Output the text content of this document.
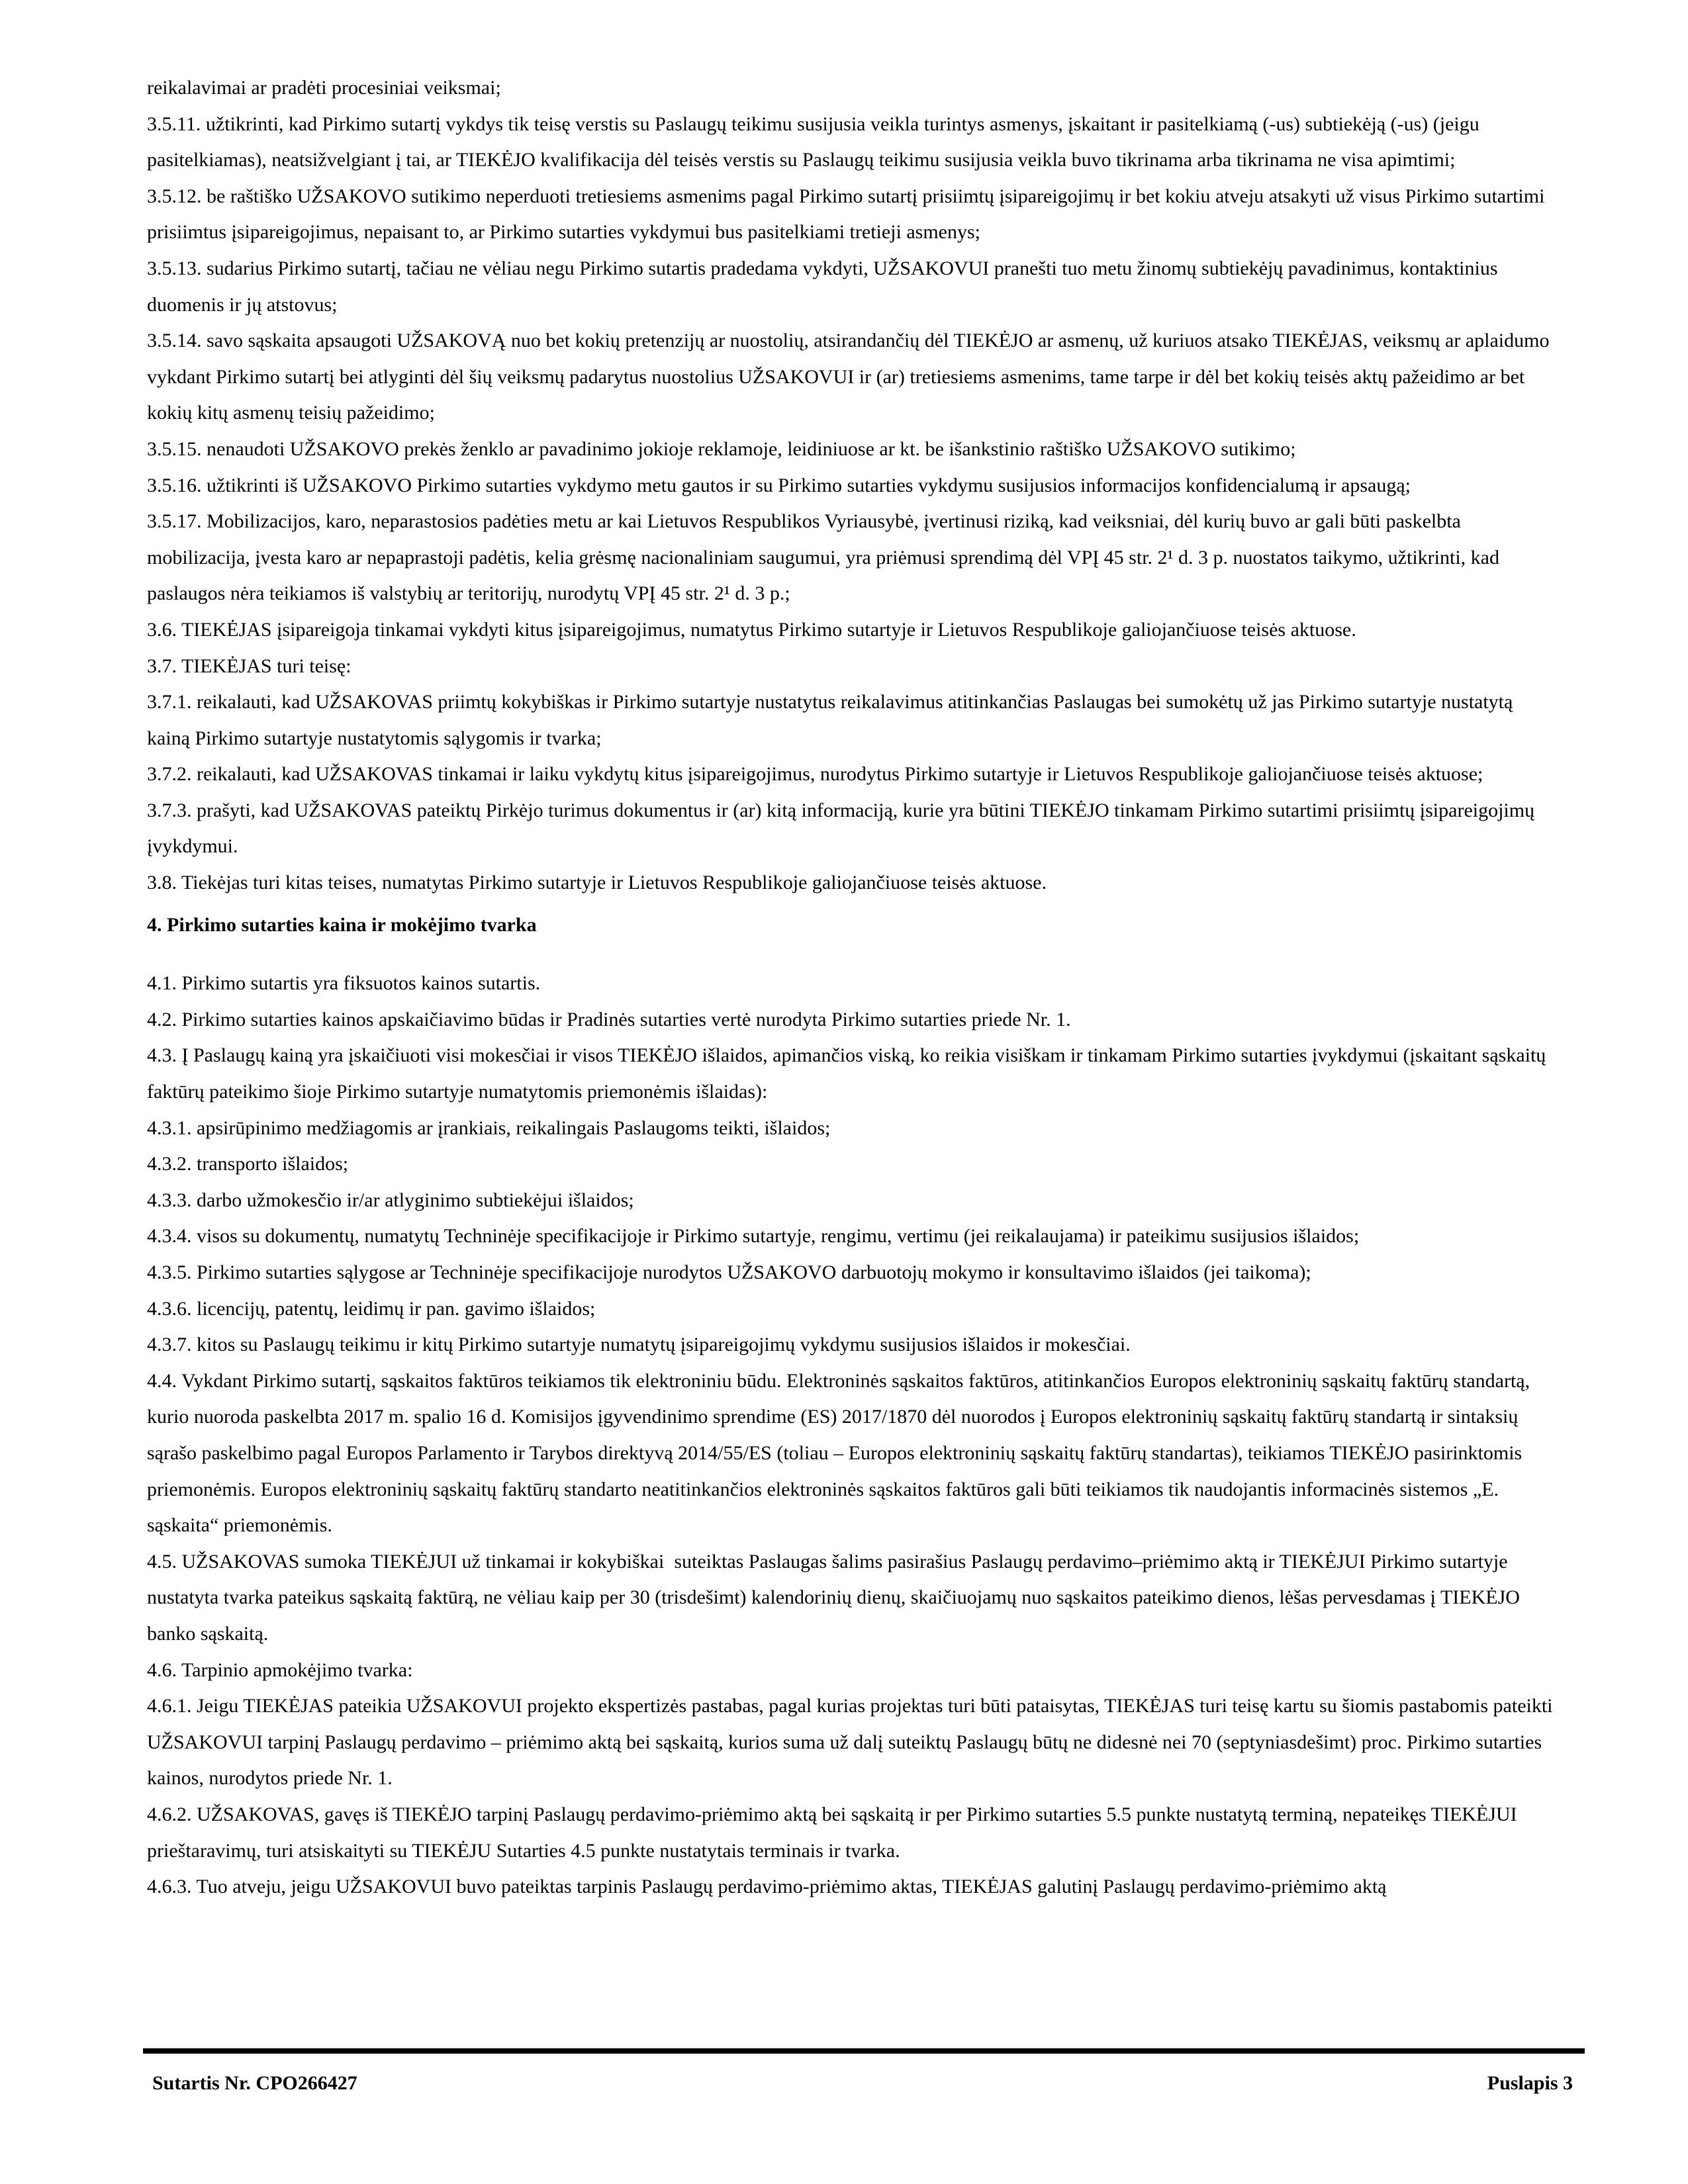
reikalavimai ar pradėti procesiniai veiksmai;

3.5.11. užtikrinti, kad Pirkimo sutartį vykdys tik teisę verstis su Paslaugų teikimu susijusia veikla turintys asmenys, įskaitant ir pasitelkiamą (-us) subtiekėją (-us) (jeigu pasitelkiamas), neatsižvelgiant į tai, ar TIEKĖJO kvalifikacija dėl teisės verstis su Paslaugų teikimu susijusia veikla buvo tikrinama arba tikrinama ne visa apimtimi;

3.5.12. be raštiško UŽSAKOVO sutikimo neperduoti tretiesiems asmenims pagal Pirkimo sutartį prisiimtų įsipareigojimų ir bet kokiu atveju atsakyti už visus Pirkimo sutartimi prisiimtus įsipareigojimus, nepaisant to, ar Pirkimo sutarties vykdymui bus pasitelkiami tretieji asmenys;

3.5.13. sudarius Pirkimo sutartį, tačiau ne vėliau negu Pirkimo sutartis pradedama vykdyti, UŽSAKOVUI pranešti tuo metu žinomų subtiekėjų pavadinimus, kontaktinius duomenis ir jų atstovus;

3.5.14. savo sąskaita apsaugoti UŽSAKOVĄ nuo bet kokių pretenzijų ar nuostolių, atsirandančių dėl TIEKĖJO ar asmenų, už kuriuos atsako TIEKĖJAS, veiksmų ar aplaidumo vykdant Pirkimo sutartį bei atlyginti dėl šių veiksmų padarytus nuostolius UŽSAKOVUI ir (ar) tretiesiems asmenims, tame tarpe ir dėl bet kokių teisės aktų pažeidimo ar bet kokių kitų asmenų teisių pažeidimo;

3.5.15. nenaudoti UŽSAKOVO prekės ženklo ar pavadinimo jokioje reklamoje, leidiniuose ar kt. be išankstinio raštiško UŽSAKOVO sutikimo;

3.5.16. užtikrinti iš UŽSAKOVO Pirkimo sutarties vykdymo metu gautos ir su Pirkimo sutarties vykdymu susijusios informacijos konfidencialumą ir apsaugą;

3.5.17. Mobilizacijos, karo, neparastosios padėties metu ar kai Lietuvos Respublikos Vyriausybė, įvertinusi riziką, kad veiksniai, dėl kurių buvo ar gali būti paskelbta mobilizacija, įvesta karo ar nepaprastoji padėtis, kelia grėsmę nacionaliniam saugumui, yra priėmusi sprendimą dėl VPĮ 45 str. 2¹ d. 3 p. nuostatos taikymo, užtikrinti, kad paslaugos nėra teikiamos iš valstybių ar teritorijų, nurodytų VPĮ 45 str. 2¹ d. 3 p.;

3.6. TIEKĖJAS įsipareigoja tinkamai vykdyti kitus įsipareigojimus, numatytus Pirkimo sutartyje ir Lietuvos Respublikoje galiojančiuose teisės aktuose.

3.7. TIEKĖJAS turi teisę:

3.7.1. reikalauti, kad UŽSAKOVAS priimtų kokybiškas ir Pirkimo sutartyje nustatytus reikalavimus atitinkančias Paslaugas bei sumokėtų už jas Pirkimo sutartyje nustatytą kainą Pirkimo sutartyje nustatytomis sąlygomis ir tvarka;

3.7.2. reikalauti, kad UŽSAKOVAS tinkamai ir laiku vykdytų kitus įsipareigojimus, nurodytus Pirkimo sutartyje ir Lietuvos Respublikoje galiojančiuose teisės aktuose;

3.7.3. prašyti, kad UŽSAKOVAS pateiktų Pirkėjo turimus dokumentus ir (ar) kitą informaciją, kurie yra būtini TIEKĖJO tinkamam Pirkimo sutartimi prisiimtų įsipareigojimų įvykdymui.

3.8. Tiekėjas turi kitas teises, numatytas Pirkimo sutartyje ir Lietuvos Respublikoje galiojančiuose teisės aktuose.

4. Pirkimo sutarties kaina ir mokėjimo tvarka

4.1. Pirkimo sutartis yra fiksuotos kainos sutartis.

4.2. Pirkimo sutarties kainos apskaičiavimo būdas ir Pradinės sutarties vertė nurodyta Pirkimo sutarties priede Nr. 1.

4.3. Į Paslaugų kainą yra įskaičiuoti visi mokesčiai ir visos TIEKĖJO išlaidos, apimančios viską, ko reikia visiškam ir tinkamam Pirkimo sutarties įvykdymui (įskaitant sąskaitų faktūrų pateikimo šioje Pirkimo sutartyje numatytomis priemonėmis išlaidas):

4.3.1. apsirūpinimo medžiagomis ar įrankiais, reikalingais Paslaugoms teikti, išlaidos;

4.3.2. transporto išlaidos;

4.3.3. darbo užmokesčio ir/ar atlyginimo subtiekėjui išlaidos;

4.3.4. visos su dokumentų, numatytų Techninėje specifikacijoje ir Pirkimo sutartyje, rengimu, vertimu (jei reikalaujama) ir pateikimu susijusios išlaidos;

4.3.5. Pirkimo sutarties sąlygose ar Techninėje specifikacijoje nurodytos UŽSAKOVO darbuotojų mokymo ir konsultavimo išlaidos (jei taikoma);

4.3.6. licencijų, patentų, leidimų ir pan. gavimo išlaidos;

4.3.7. kitos su Paslaugų teikimu ir kitų Pirkimo sutartyje numatytų įsipareigojimų vykdymu susijusios išlaidos ir mokesčiai.

4.4. Vykdant Pirkimo sutartį, sąskaitos faktūros teikiamos tik elektroniniu būdu. Elektroninės sąskaitos faktūros, atitinkančios Europos elektroninių sąskaitų faktūrų standartą, kurio nuoroda paskelbta 2017 m. spalio 16 d. Komisijos įgyvendinimo sprendime (ES) 2017/1870 dėl nuorodos į Europos elektroninių sąskaitų faktūrų standartą ir sintaksių sąrašo paskelbimo pagal Europos Parlamento ir Tarybos direktyvą 2014/55/ES (toliau – Europos elektroninių sąskaitų faktūrų standartas), teikiamos TIEKĖJO pasirinktomis priemonėmis. Europos elektroninių sąskaitų faktūrų standarto neatitinkančios elektroninės sąskaitos faktūros gali būti teikiamos tik naudojantis informacinės sistemos „E. sąskaita“ priemonėmis.

4.5. UŽSAKOVAS sumoka TIEKĖJUI už tinkamai ir kokybiškai  suteiktas Paslaugas šalims pasirašius Paslaugų perdavimo–priėmimo aktą ir TIEKĖJUI Pirkimo sutartyje nustatyta tvarka pateikus sąskaitą faktūrą, ne vėliau kaip per 30 (trisdešimt) kalendorinių dienų, skaičiuojamų nuo sąskaitos pateikimo dienos, lėšas pervesdamas į TIEKĖJO banko sąskaitą.

4.6. Tarpinio apmokėjimo tvarka:

4.6.1. Jeigu TIEKĖJAS pateikia UŽSAKOVUI projekto ekspertizės pastabas, pagal kurias projektas turi būti pataisytas, TIEKĖJAS turi teisę kartu su šiomis pastabomis pateikti UŽSAKOVUI tarpinį Paslaugų perdavimo – priėmimo aktą bei sąskaitą, kurios suma už dalį suteiktų Paslaugų būtų ne didesnė nei 70 (septyniasdešimt) proc. Pirkimo sutarties kainos, nurodytos priede Nr. 1.

4.6.2. UŽSAKOVAS, gavęs iš TIEKĖJO tarpinį Paslaugų perdavimo-priėmimo aktą bei sąskaitą ir per Pirkimo sutarties 5.5 punkte nustatytą terminą, nepateikęs TIEKĖJUI prieštaravimų, turi atsiskaityti su TIEKĖJU Sutarties 4.5 punkte nustatytais terminais ir tvarka.

4.6.3. Tuo atveju, jeigu UŽSAKOVUI buvo pateiktas tarpinis Paslaugų perdavimo-priėmimo aktas, TIEKĖJAS galutinį Paslaugų perdavimo-priėmimo aktą

Sutartis Nr. CPO266427	Puslapis 3
